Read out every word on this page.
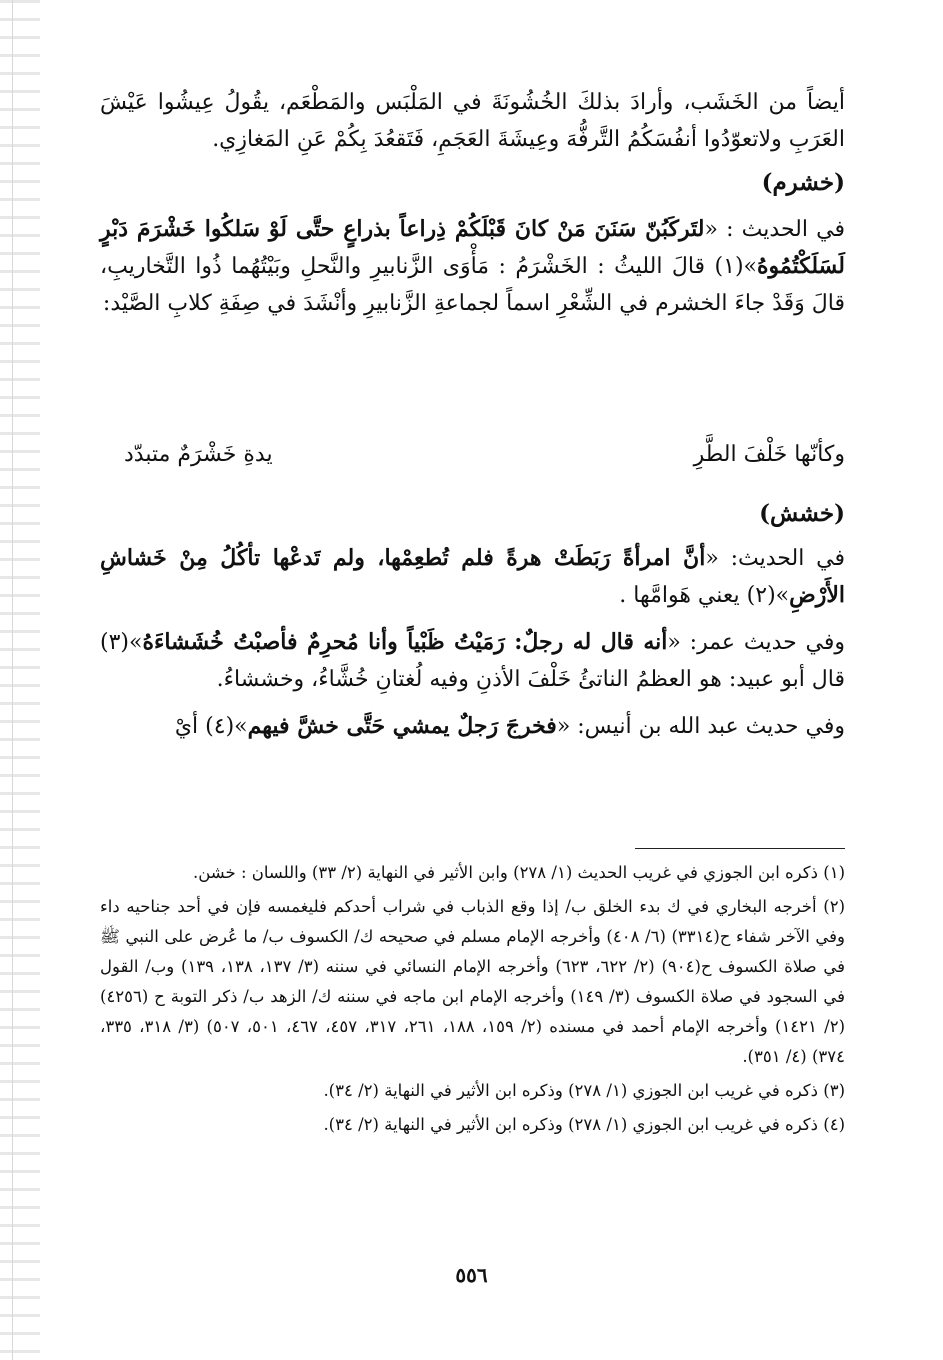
أيضاً من الخَشَب، وأرادَ بذلكَ الخُشُونَةَ في المَلْبَس والمَطْعَم، يقُولُ عِيشُوا عَيْشَ العَرَبِ ولاتعوّدُوا أنفُسَكُمُ التَّرفُّهَ وعِيشَةَ العَجَمِ، فَتَقعُدَ بِكُمْ عَنِ المَغازِي.

(خشرم)

في الحديث : «لتَركَبُنّ سَنَنَ مَنْ كانَ قَبْلَكُمْ ذِراعاً بذراعٍ حتَّى لَوْ سَلكُوا خَشْرَمَ دَبْرٍ لَسَلَكْتُمُوهُ»(١) قالَ الليثُ : الخَشْرَمُ : مَأْوَى الزَّنابيرِ والنَّحلِ وبَيْتُهُما ذُوا التَّخاريبِ، قالَ وَقَدْ جاءَ الخشرم في الشِّعْرِ اسماً لجماعةِ الزَّنابيرِ وأنْشَدَ في صِفَةِ كلابِ الصَّيْد:

وكأنّها خَلْفَ الطَّرِ
يدةِ خَشْرَمٌ متبدّد
(خشش)

في الحديث: «أنَّ امرأةً رَبَطَتْ هرةً فلم تُطعِمْها، ولم تَدعْها تأكُلُ مِنْ خَشاشِ الأَرْضِ»(٢) يعني هَوامَّها .

وفي حديث عمر: «أنه قال له رجلٌ: رَمَيْتُ ظَبْياً وأنا مُحرِمٌ فأصبْتُ خُشَشاءَهُ»(٣) قال أبو عبيد: هو العظمُ الناتئُ خَلْفَ الأذنِ وفيه لُغتانِ خُشَّاءُ، وخششاءُ.

وفي حديث عبد الله بن أنيس: «فخرجَ رَجلٌ يمشي حَتَّى خشَّ فيهم»(٤) أيْ

(١) ذكره ابن الجوزي في غريب الحديث (١/ ٢٧٨) وابن الأثير في النهاية (٢/ ٣٣) واللسان : خشن.

(٢) أخرجه البخاري في ك بدء الخلق ب/ إذا وقع الذباب في شراب أحدكم فليغمسه فإن في أحد جناحيه داء وفي الآخر شفاء ح(٣٣١٤) (٦/ ٤٠٨) وأخرجه الإمام مسلم في صحيحه ك/ الكسوف ب/ ما عُرض على النبي ﷺ في صلاة الكسوف ح(٩٠٤) (٢/ ٦٢٢، ٦٢٣) وأخرجه الإمام النسائي في سننه (٣/ ١٣٧، ١٣٨، ١٣٩) وب/ القول في السجود في صلاة الكسوف (٣/ ١٤٩) وأخرجه الإمام ابن ماجه في سننه ك/ الزهد ب/ ذكر التوبة ح (٤٢٥٦) (٢/ ١٤٢١) وأخرجه الإمام أحمد في مسنده (٢/ ١٥٩، ١٨٨، ٢٦١، ٣١٧، ٤٥٧، ٤٦٧، ٥٠١، ٥٠٧) (٣/ ٣١٨، ٣٣٥، ٣٧٤) (٤/ ٣٥١).

(٣) ذكره في غريب ابن الجوزي (١/ ٢٧٨) وذكره ابن الأثير في النهاية (٢/ ٣٤).

(٤) ذكره في غريب ابن الجوزي (١/ ٢٧٨) وذكره ابن الأثير في النهاية (٢/ ٣٤).

٥٥٦
